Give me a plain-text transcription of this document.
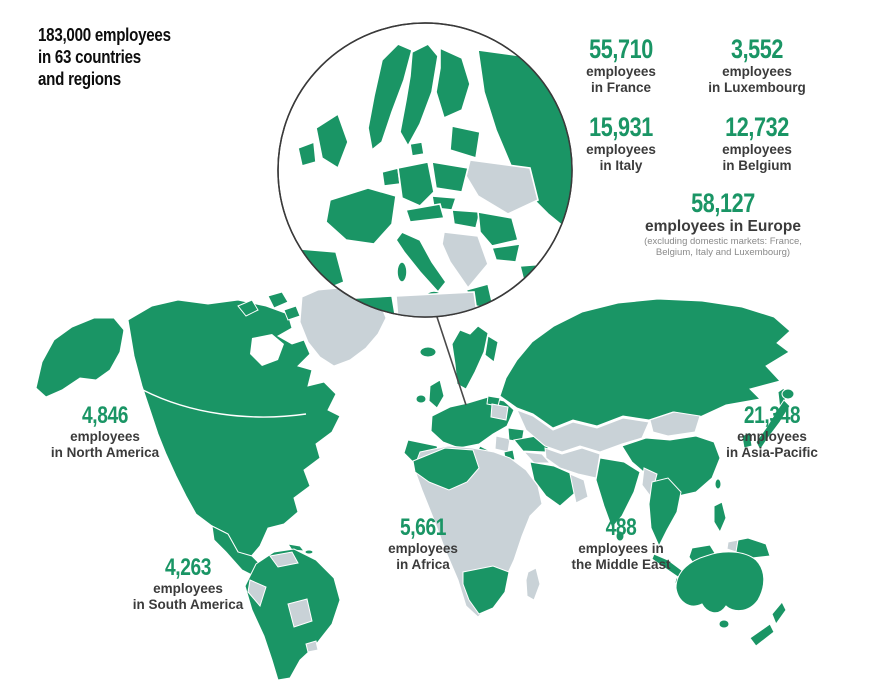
183,000 employees
in 63 countries
and regions
55,710
employees
in France
3,552
employees
in Luxembourg
15,931
employees
in Italy
12,732
employees
in Belgium
58,127
employees in Europe
(excluding domestic markets: France,
Belgium, Italy and Luxembourg)
4,846
employees
in North America
4,263
employees
in South America
5,661
employees
in Africa
488
employees in
the Middle East
21,348
employees
in Asia-Pacific
